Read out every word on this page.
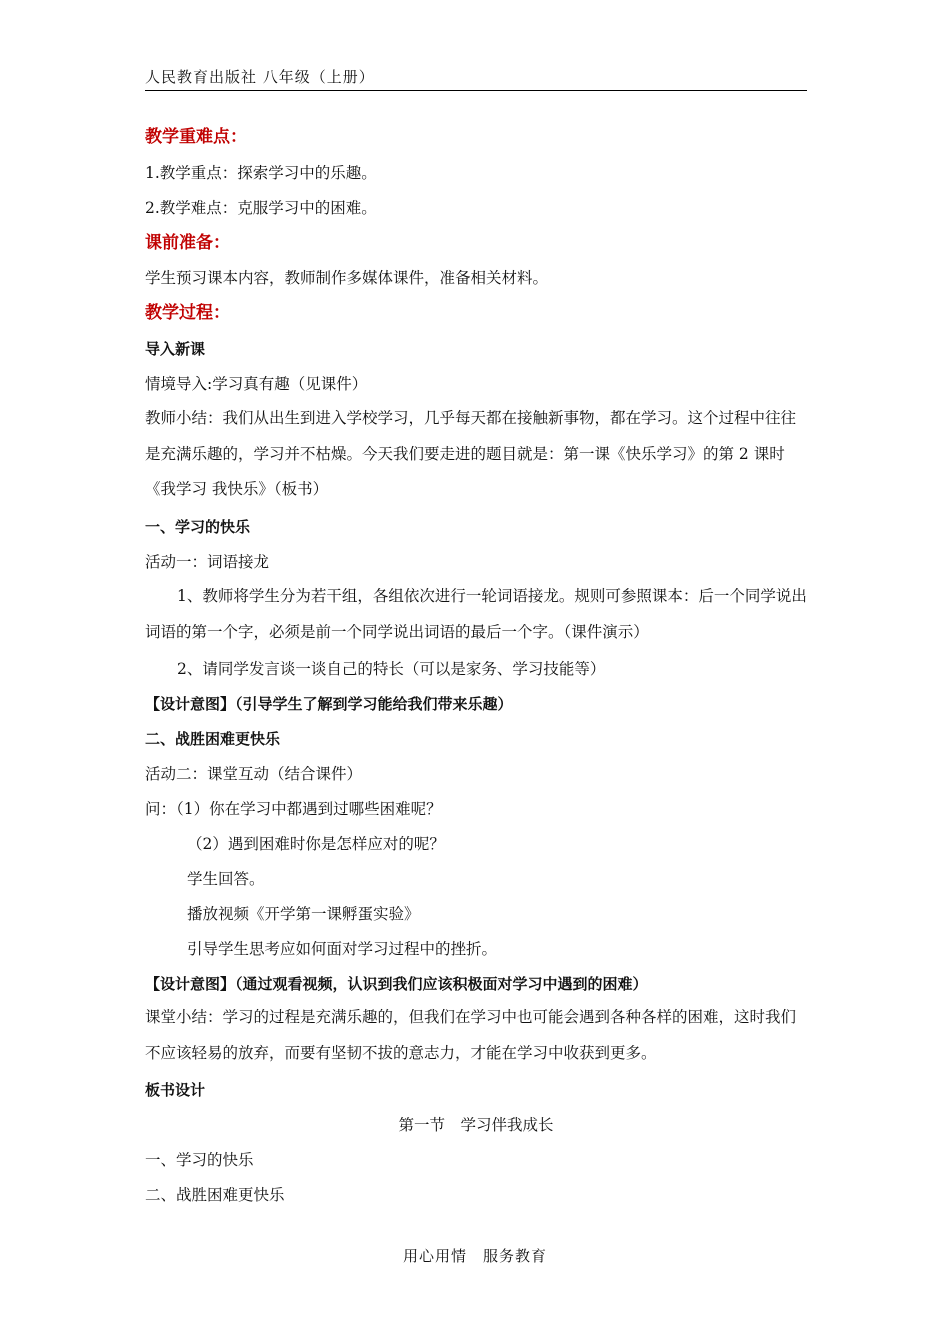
人民教育出版社 八年级（上册）
教学重难点：
1.教学重点：探索学习中的乐趣。
2.教学难点：克服学习中的困难。
课前准备：
学生预习课本内容，教师制作多媒体课件，准备相关材料。
教学过程：
导入新课
情境导入:学习真有趣（见课件）
教师小结：我们从出生到进入学校学习，几乎每天都在接触新事物，都在学习。这个过程中往往是充满乐趣的，学习并不枯燥。今天我们要走进的题目就是：第一课《快乐学习》的第 2 课时《我学习 我快乐》（板书）
一、学习的快乐
活动一：词语接龙
1、教师将学生分为若干组，各组依次进行一轮词语接龙。规则可参照课本：后一个同学说出词语的第一个字，必须是前一个同学说出词语的最后一个字。（课件演示）
2、请同学发言谈一谈自己的特长（可以是家务、学习技能等）
【设计意图】（引导学生了解到学习能给我们带来乐趣）
二、战胜困难更快乐
活动二：课堂互动（结合课件）
问：（1）你在学习中都遇到过哪些困难呢？
（2）遇到困难时你是怎样应对的呢？
学生回答。
播放视频《开学第一课孵蛋实验》
引导学生思考应如何面对学习过程中的挫折。
【设计意图】（通过观看视频，认识到我们应该积极面对学习中遇到的困难）
课堂小结：学习的过程是充满乐趣的，但我们在学习中也可能会遇到各种各样的困难，这时我们不应该轻易的放弃，而要有坚韧不拔的意志力，才能在学习中收获到更多。
板书设计
第一节　学习伴我成长
一、学习的快乐
二、战胜困难更快乐
用心用情　服务教育
